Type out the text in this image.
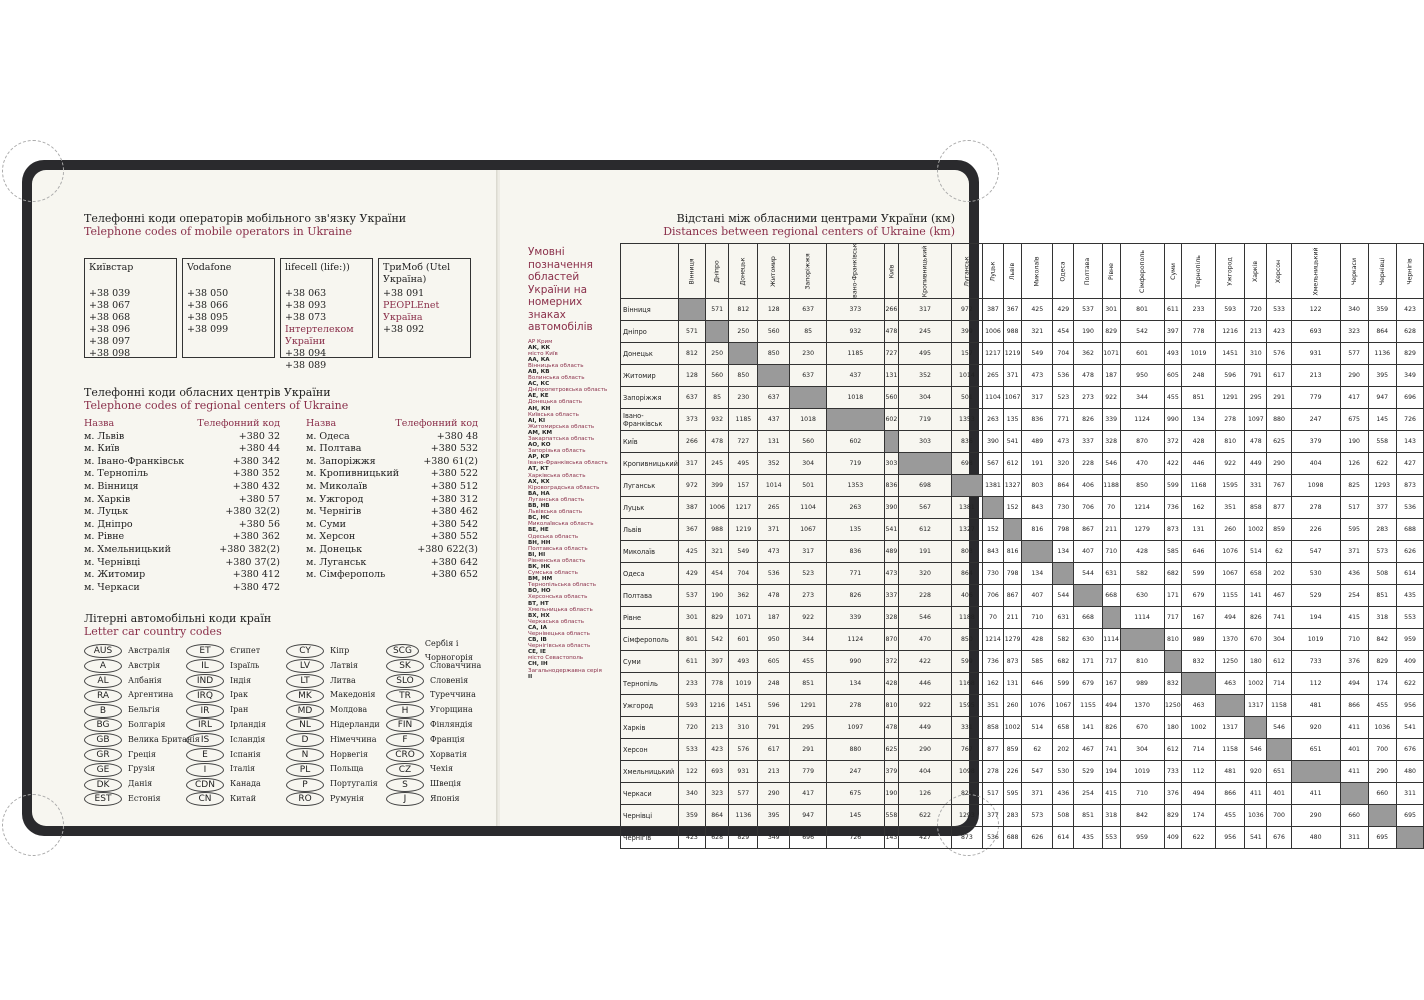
Телефонні коди операторів мобільного зв'язку України
Telephone codes of mobile operators in Ukraine
Київстар
+38 039
+38 067
+38 068
+38 096
+38 097
+38 098
Vodafone
+38 050
+38 066
+38 095
+38 099
lifecell (life:))
+38 063
+38 093
+38 073
Інтертелеком України
+38 094
+38 089
ТриМоб (Utel Україна)
+38 091
PEOPLEnet Україна
+38 092
Телефонні коди обласних центрів України
Telephone codes of regional centers of Ukraine
Назва	Телефонний код
м. Львів	+380 32
м. Київ	+380 44
м. Івано-Франківськ	+380 342
м. Тернопіль	+380 352
м. Вінниця	+380 432
м. Харків	+380 57
м. Луцьк	+380 32(2)
м. Дніпро	+380 56
м. Рівне	+380 362
м. Хмельницький	+380 382(2)
м. Чернівці	+380 37(2)
м. Житомир	+380 412
м. Черкаси	+380 472
Назва	Телефонний код
м. Одеса	+380 48
м. Полтава	+380 532
м. Запоріжжя	+380 61(2)
м. Кропивницький	+380 522
м. Миколаїв	+380 512
м. Ужгород	+380 312
м. Чернігів	+380 462
м. Суми	+380 542
м. Херсон	+380 552
м. Донецьк	+380 622(3)
м. Луганськ	+380 642
м. Сімферополь	+380 652
Літерні автомобільні коди країн
Letter car country codes
AUS	Австралія
A	Австрія
AL	Албанія
RA	Аргентина
B	Бельгія
BG	Болгарія
GB	Велика Британія
GR	Греція
GE	Грузія
DK	Данія
EST	Естонія
ET	Єгипет
IL	Ізраїль
IND	Індія
IRQ	Ірак
IR	Іран
IRL	Ірландія
IS	Ісландія
E	Іспанія
I	Італія
CDN	Канада
CN	Китай
CY	Кіпр
LV	Латвія
LT	Литва
MK	Македонія
MD	Молдова
NL	Нідерланди
D	Німеччина
N	Норвегія
PL	Польща
P	Португалія
RO	Румунія
SCG
Сербія і Чорногорія
SK	Словаччина
SLO	Словенія
TR	Туреччина
H	Угорщина
FIN	Фінляндія
F	Франція
CRO	Хорватія
CZ	Чехія
S	Швеція
J	Японія
Відстані між обласними центрами України (км)
Distances between regional centers of Ukraine (km)
Умовні позначення областей України на номерних знаках автомобілів
АР Крим
АК, КК
місто Київ
АА, КА
Вінницька область
АВ, КВ
Волинська область
АС, КС
Дніпропетровська область
АЕ, КЕ
Донецька область
АН, КН
Київська область
АІ, КІ
Житомирська область
АМ, КМ
Закарпатська область
АО, КО
Запорізька область
АР, КР
Івано-Франківська область
АТ, КТ
Харківська область
АХ, КХ
Кіровоградська область
ВА, НА
Луганська область
ВВ, НВ
Львівська область
ВС, НС
Миколаївська область
ВЕ, НЕ
Одеська область
ВН, НН
Полтавська область
ВІ, НІ
Рівненська область
ВК, НК
Сумська область
ВМ, НМ
Тернопільська область
ВО, НО
Херсонська область
ВТ, НТ
Хмельницька область
ВХ, НХ
Черкаська область
СА, ІА
Чернівецька область
СВ, ІВ
Чернігівська область
СЕ, ІЕ
місто Севастополь
СН, ІН
Загальнодержавна серія
ІІ
	Вінниця	Дніпро	Донецьк	Житомир	Запоріжжя	Івано-Франківськ	Київ	Кропивницький	Луганськ	Луцьк	Львів	Миколаїв	Одеса	Полтава	Рівне	Сімферополь	Суми	Тернопіль	Ужгород	Харків	Херсон	Хмельницький	Черкаси	Чернівці	Чернігів
Вінниця		571	812	128	637	373	266	317	972	387	367	425	429	537	301	801	611	233	593	720	533	122	340	359	423
Дніпро	571		250	560	85	932	478	245	399	1006	988	321	454	190	829	542	397	778	1216	213	423	693	323	864	628
Донецьк	812	250		850	230	1185	727	495	157	1217	1219	549	704	362	1071	601	493	1019	1451	310	576	931	577	1136	829
Житомир	128	560	850		637	437	131	352	1014	265	371	473	536	478	187	950	605	248	596	791	617	213	290	395	349
Запоріжжя	637	85	230	637		1018	560	304	501	1104	1067	317	523	273	922	344	455	851	1291	295	291	779	417	947	696
Івано-Франківськ	373	932	1185	437	1018		602	719	1353	263	135	836	771	826	339	1124	990	134	278	1097	880	247	675	145	726
Київ	266	478	727	131	560	602		303	836	390	541	489	473	337	328	870	372	428	810	478	625	379	190	558	143
Кропивницький	317	245	495	352	304	719	303		698	567	612	191	320	228	546	470	422	446	922	449	290	404	126	622	427
Луганськ	972	399	157	1014	501	1353	836	698		1381	1327	803	864	406	1188	850	599	1168	1595	331	767	1098	825	1293	873
Луцьк	387	1006	1217	265	1104	263	390	567	1381		152	843	730	706	70	1214	736	162	351	858	877	278	517	377	536
Львів	367	988	1219	371	1067	135	541	612	1327	152		816	798	867	211	1279	873	131	260	1002	859	226	595	283	688
Миколаїв	425	321	549	473	317	836	489	191	803	843	816		134	407	710	428	585	646	1076	514	62	547	371	573	626
Одеса	429	454	704	536	523	771	473	320	864	730	798	134		544	631	582	682	599	1067	658	202	530	436	508	614
Полтава	537	190	362	478	273	826	337	228	406	706	867	407	544		668	630	171	679	1155	141	467	529	254	851	435
Рівне	301	829	1071	187	922	339	328	546	1188	70	211	710	631	668		1114	717	167	494	826	741	194	415	318	553
Сімферополь	801	542	601	950	344	1124	870	470	850	1214	1279	428	582	630	1114		810	989	1370	670	304	1019	710	842	959
Суми	611	397	493	605	455	990	372	422	599	736	873	585	682	171	717	810		832	1250	180	612	733	376	829	409
Тернопіль	233	778	1019	248	851	134	428	446	1168	162	131	646	599	679	167	989	832		463	1002	714	112	494	174	622
Ужгород	593	1216	1451	596	1291	278	810	922	1595	351	260	1076	1067	1155	494	1370	1250	463		1317	1158	481	866	455	956
Харків	720	213	310	791	295	1097	478	449	331	858	1002	514	658	141	826	670	180	1002	1317		546	920	411	1036	541
Херсон	533	423	576	617	291	880	625	290	767	877	859	62	202	467	741	304	612	714	1158	546		651	401	700	676
Хмельницький	122	693	931	213	779	247	379	404	1098	278	226	547	530	529	194	1019	733	112	481	920	651		411	290	480
Черкаси	340	323	577	290	417	675	190	126	825	517	595	371	436	254	415	710	376	494	866	411	401	411		660	311
Чернівці	359	864	1136	395	947	145	558	622	1293	377	283	573	508	851	318	842	829	174	455	1036	700	290	660		695
Чернігів	423	628	829	349	696	726	143	427	873	536	688	626	614	435	553	959	409	622	956	541	676	480	311	695	
